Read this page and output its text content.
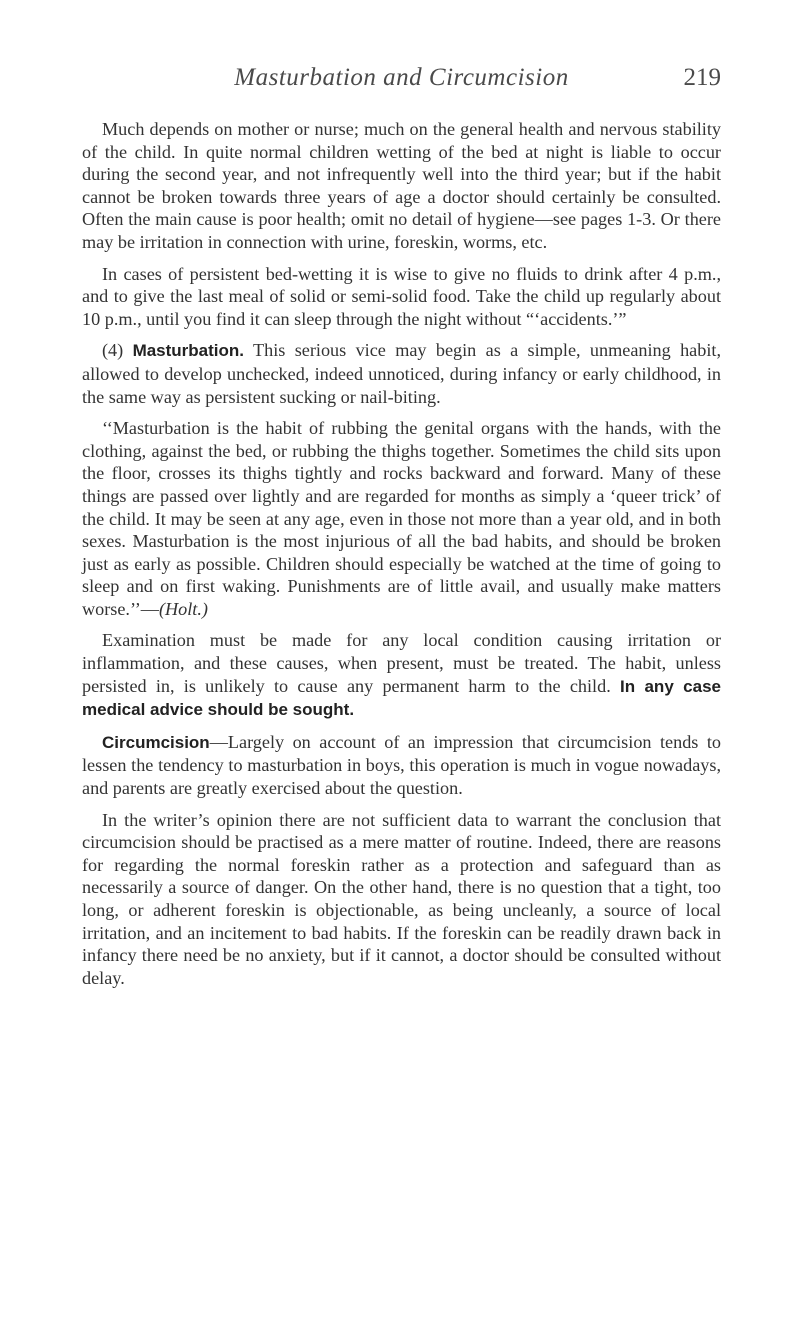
Masturbation and Circumcision	219

Much depends on mother or nurse; much on the general health and nervous stability of the child. In quite normal children wetting of the bed at night is liable to occur during the second year, and not infrequently well into the third year; but if the habit cannot be broken towards three years of age a doctor should certainly be consulted. Often the main cause is poor health; omit no detail of hygiene—see pages 1-3. Or there may be irritation in connection with urine, foreskin, worms, etc.

In cases of persistent bed-wetting it is wise to give no fluids to drink after 4 p.m., and to give the last meal of solid or semi-solid food. Take the child up regularly about 10 p.m., until you find it can sleep through the night without “‘accidents.’”

(4) Masturbation. This serious vice may begin as a simple, unmeaning habit, allowed to develop unchecked, indeed unnoticed, during infancy or early childhood, in the same way as persistent sucking or nail-biting.

‘‘Masturbation is the habit of rubbing the genital organs with the hands, with the clothing, against the bed, or rubbing the thighs together. Sometimes the child sits upon the floor, crosses its thighs tightly and rocks backward and forward. Many of these things are passed over lightly and are regarded for months as simply a ‘queer trick’ of the child. It may be seen at any age, even in those not more than a year old, and in both sexes. Masturbation is the most injurious of all the bad habits, and should be broken just as early as possible. Children should especially be watched at the time of going to sleep and on first waking. Punishments are of little avail, and usually make matters worse.’’—(Holt.)

Examination must be made for any local condition causing irritation or inflammation, and these causes, when present, must be treated. The habit, unless persisted in, is unlikely to cause any permanent harm to the child. In any case medical advice should be sought.

Circumcision—Largely on account of an impression that circumcision tends to lessen the tendency to masturbation in boys, this operation is much in vogue nowadays, and parents are greatly exercised about the question.

In the writer’s opinion there are not sufficient data to warrant the conclusion that circumcision should be practised as a mere matter of routine. Indeed, there are reasons for regarding the normal foreskin rather as a protection and safeguard than as necessarily a source of danger. On the other hand, there is no question that a tight, too long, or adherent foreskin is objectionable, as being uncleanly, a source of local irritation, and an incitement to bad habits. If the foreskin can be readily drawn back in infancy there need be no anxiety, but if it cannot, a doctor should be consulted without delay.
